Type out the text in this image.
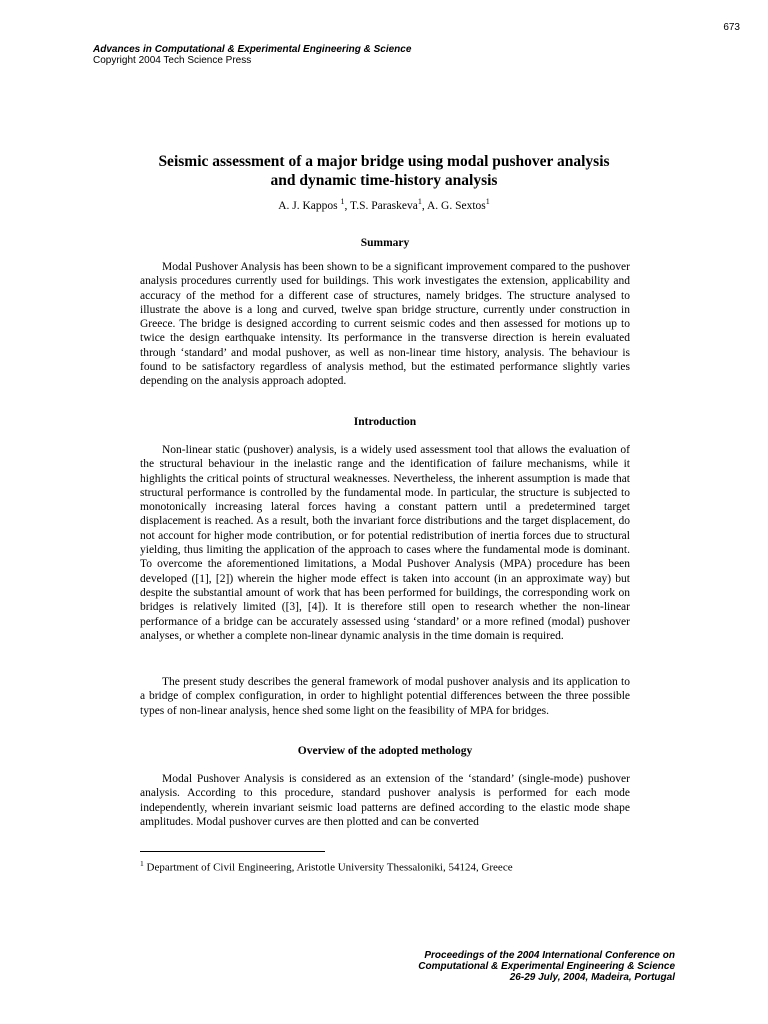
673
Advances in Computational & Experimental Engineering & Science
Copyright 2004 Tech Science Press
Seismic assessment of a major bridge using modal pushover analysis
and dynamic time-history analysis
A. J. Kappos $^1$, T.S. Paraskeva$^1$, A. G. Sextos$^1$
Summary

Modal Pushover Analysis has been shown to be a significant improvement compared to the pushover analysis procedures currently used for buildings. This work investigates the extension, applicability and accuracy of the method for a different case of structures, namely bridges. The structure analysed to illustrate the above is a long and curved, twelve span bridge structure, currently under construction in Greece. The bridge is designed according to current seismic codes and then assessed for motions up to twice the design earthquake intensity. Its performance in the transverse direction is herein evaluated through ‘standard’ and modal pushover, as well as non-linear time history, analysis. The behaviour is found to be satisfactory regardless of analysis method, but the estimated performance slightly varies depending on the analysis approach adopted.

Introduction

Non-linear static (pushover) analysis, is a widely used assessment tool that allows the evaluation of the structural behaviour in the inelastic range and the identification of failure mechanisms, while it highlights the critical points of structural weaknesses. Nevertheless, the inherent assumption is made that structural performance is controlled by the fundamental mode. In particular, the structure is subjected to monotonically increasing lateral forces having a constant pattern until a predetermined target displacement is reached. As a result, both the invariant force distributions and the target displacement, do not account for higher mode contribution, or for potential redistribution of inertia forces due to structural yielding, thus limiting the application of the approach to cases where the fundamental mode is dominant. To overcome the aforementioned limitations, a Modal Pushover Analysis (MPA) procedure has been developed ([1], [2]) wherein the higher mode effect is taken into account (in an approximate way) but despite the substantial amount of work that has been performed for buildings, the corresponding work on bridges is relatively limited ([3], [4]). It is therefore still open to research whether the non-linear performance of a bridge can be accurately assessed using ‘standard’ or a more refined (modal) pushover analyses, or whether a complete non-linear dynamic analysis in the time domain is required.

The present study describes the general framework of modal pushover analysis and its application to a bridge of complex configuration, in order to highlight potential differences between the three possible types of non-linear analysis, hence shed some light on the feasibility of MPA for bridges.

Overview of the adopted methology

Modal Pushover Analysis is considered as an extension of the ‘standard’ (single-mode) pushover analysis. According to this procedure, standard pushover analysis is performed for each mode independently, wherein invariant seismic load patterns are defined according to the elastic mode shape amplitudes. Modal pushover curves are then plotted and can be converted

$^1$ Department of Civil Engineering, Aristotle University Thessaloniki, 54124, Greece
Proceedings of the 2004 International Conference on
Computational & Experimental Engineering & Science
26-29 July, 2004, Madeira, Portugal
